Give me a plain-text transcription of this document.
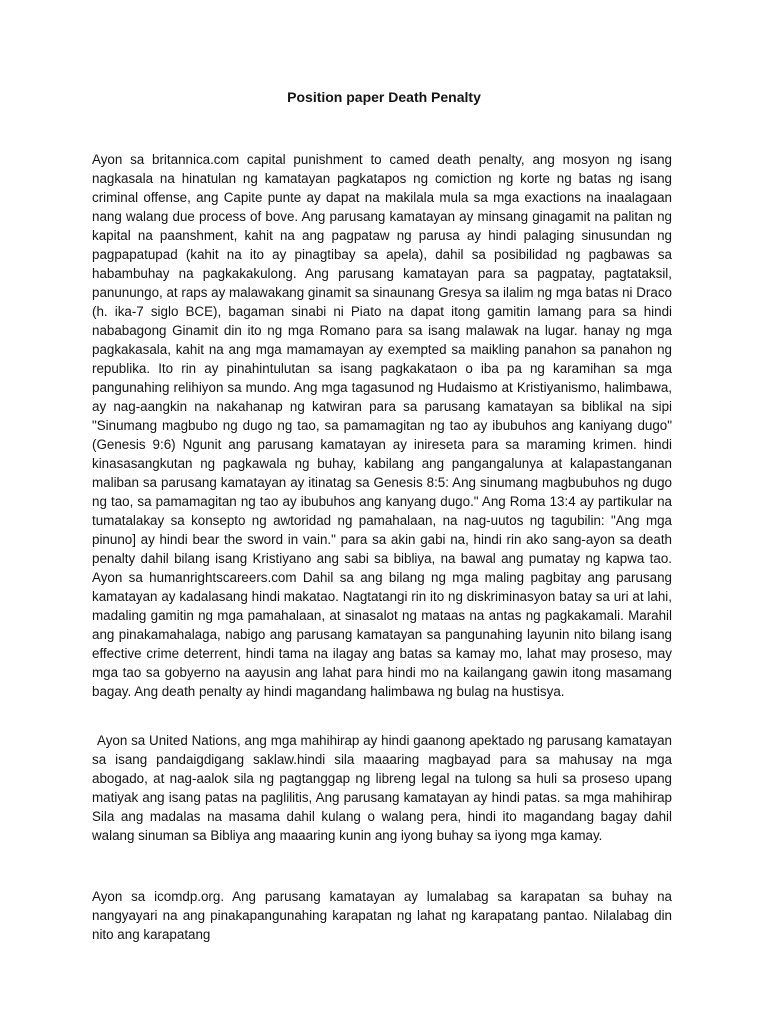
Position paper Death Penalty

Ayon sa britannica.com capital punishment to camed death penalty, ang mosyon ng isang nagkasala na hinatulan ng kamatayan pagkatapos ng comiction ng korte ng batas ng isang criminal offense, ang Capite punte ay dapat na makilala mula sa mga exactions na inaalagaan nang walang due process of bove. Ang parusang kamatayan ay minsang ginagamit na palitan ng kapital na paanshment, kahit na ang pagpataw ng parusa ay hindi palaging sinusundan ng pagpapatupad (kahit na ito ay pinagtibay sa apela), dahil sa posibilidad ng pagbawas sa habambuhay na pagkakakulong. Ang parusang kamatayan para sa pagpatay, pagtataksil, panunungo, at raps ay malawakang ginamit sa sinaunang Gresya sa ilalim ng mga batas ni Draco (h. ika-7 siglo BCE), bagaman sinabi ni Piato na dapat itong gamitin lamang para sa hindi nababagong Ginamit din ito ng mga Romano para sa isang malawak na lugar. hanay ng mga pagkakasala, kahit na ang mga mamamayan ay exempted sa maikling panahon sa panahon ng republika. Ito rin ay pinahintulutan sa isang pagkakataon o iba pa ng karamihan sa mga pangunahing relihiyon sa mundo. Ang mga tagasunod ng Hudaismo at Kristiyanismo, halimbawa, ay nag-aangkin na nakahanap ng katwiran para sa parusang kamatayan sa biblikal na sipi "Sinumang magbubo ng dugo ng tao, sa pamamagitan ng tao ay ibubuhos ang kaniyang dugo" (Genesis 9:6) Ngunit ang parusang kamatayan ay inireseta para sa maraming krimen. hindi kinasasangkutan ng pagkawala ng buhay, kabilang ang pangangalunya at kalapastanganan maliban sa parusang kamatayan ay itinatag sa Genesis 8:5: Ang sinumang magbubuhos ng dugo ng tao, sa pamamagitan ng tao ay ibubuhos ang kanyang dugo." Ang Roma 13:4 ay partikular na tumatalakay sa konsepto ng awtoridad ng pamahalaan, na nag-uutos ng tagubilin: "Ang mga pinuno] ay hindi bear the sword in vain." para sa akin gabi na, hindi rin ako sang-ayon sa death penalty dahil bilang isang Kristiyano ang sabi sa bibliya, na bawal ang pumatay ng kapwa tao. Ayon sa humanrightscareers.com Dahil sa ang bilang ng mga maling pagbitay ang parusang kamatayan ay kadalasang hindi makatao. Nagtatangi rin ito ng diskriminasyon batay sa uri at lahi, madaling gamitin ng mga pamahalaan, at sinasalot ng mataas na antas ng pagkakamali. Marahil ang pinakamahalaga, nabigo ang parusang kamatayan sa pangunahing layunin nito bilang isang effective crime deterrent, hindi tama na ilagay ang batas sa kamay mo, lahat may proseso, may mga tao sa gobyerno na aayusin ang lahat para hindi mo na kailangang gawin itong masamang bagay. Ang death penalty ay hindi magandang halimbawa ng bulag na hustisya.

Ayon sa United Nations, ang mga mahihirap ay hindi gaanong apektado ng parusang kamatayan sa isang pandaigdigang saklaw.hindi sila maaaring magbayad para sa mahusay na mga abogado, at nag-aalok sila ng pagtanggap ng libreng legal na tulong sa huli sa proseso upang matiyak ang isang patas na paglilitis, Ang parusang kamatayan ay hindi patas. sa mga mahihirap Sila ang madalas na masama dahil kulang o walang pera, hindi ito magandang bagay dahil walang sinuman sa Bibliya ang maaaring kunin ang iyong buhay sa iyong mga kamay.

Ayon sa icomdp.org. Ang parusang kamatayan ay lumalabag sa karapatan sa buhay na nangyayari na ang pinakapangunahing karapatan ng lahat ng karapatang pantao. Nilalabag din nito ang karapatang
